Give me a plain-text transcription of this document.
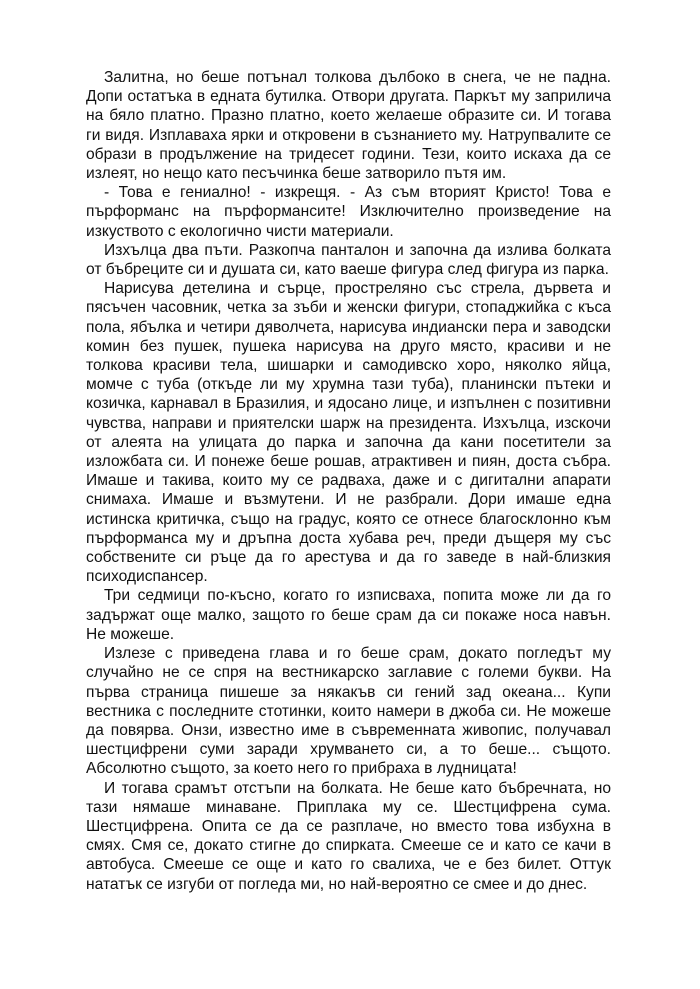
Залитна, но беше потънал толкова дълбоко в снега, че не падна. Допи остатъка в едната бутилка. Отвори другата. Паркът му заприличa на бяло платно. Празно платно, което желаеше образите си. И тогава ги видя. Изплаваха ярки и откровени в съзнанието му. Натрупвалите се образи в продължение на тридесет години. Тези, които искаха да се излеят, но нещо като песъчинка беше затворило пътя им.

- Това е гениално! - изкрещя. - Аз съм вторият Кристо! Това е пърформанс на пърформансите! Изключително произведение на изкуството с екологично чисти материали.

Изхълца два пъти. Разкопча панталон и започна да излива болката от бъбреците си и душата си, като ваеше фигура след фигура из парка.

Нарисува детелина и сърце, простреляно със стрела, дървета и пясъчен часовник, четка за зъби и женски фигури, стопаджийка с къса пола, ябълка и четири дяволчета, нарисува индиански пера и заводски комин без пушек, пушека нарисува на друго място, красиви и не толкова красиви тела, шишарки и самодивско хоро, няколко яйца, момче с туба (откъде ли му хрумна тази туба), планински пътеки и козичка, карнавал в Бразилия, и ядосано лице, и изпълнен с позитивни чувства, направи и приятелски шарж на президента. Изхълца, изскочи от алеята на улицата до парка и започна да кани посетители за изложбата си. И понеже беше рошав, атрактивен и пиян, доста събра. Имаше и такива, които му се радваха, даже и с дигитални апарати снимаха. Имаше и възмутени. И не разбрали. Дори имаше една истинска критичка, също на градус, която се отнесе благосклонно към пърформанса му и дръпна доста хубава реч, преди дъщеря му със собствените си ръце да го арестува и да го заведе в най-близкия психодиспансер.

Три седмици по-късно, когато го изписваха, попита може ли да го задържат още малко, защото го беше срам да си покаже носа навън. Не можеше.

Излезе с приведена глава и го беше срам, докато погледът му случайно не се спря на вестникарско заглавие с големи букви. На първа страница пишеше за някакъв си гений зад океана... Купи вестника с последните стотинки, които намери в джоба си. Не можеше да повярва. Онзи, известно име в съвременната живопис, получавал шестцифрени суми заради хрумването си, а то беше... същото. Абсолютно същото, за което него го прибраха в лудницата!

И тогава срамът отстъпи на болката. Не беше като бъбречната, но тази нямаше минаване. Приплака му се. Шестцифрена сума. Шестцифрена. Опита се да се разплаче, но вместо това избухна в смях. Смя се, докато стигне до спирката. Смееше се и като се качи в автобуса. Смееше се още и като го свалиха, че е без билет. Оттук нататък се изгуби от погледа ми, но най-вероятно се смее и до днес.
